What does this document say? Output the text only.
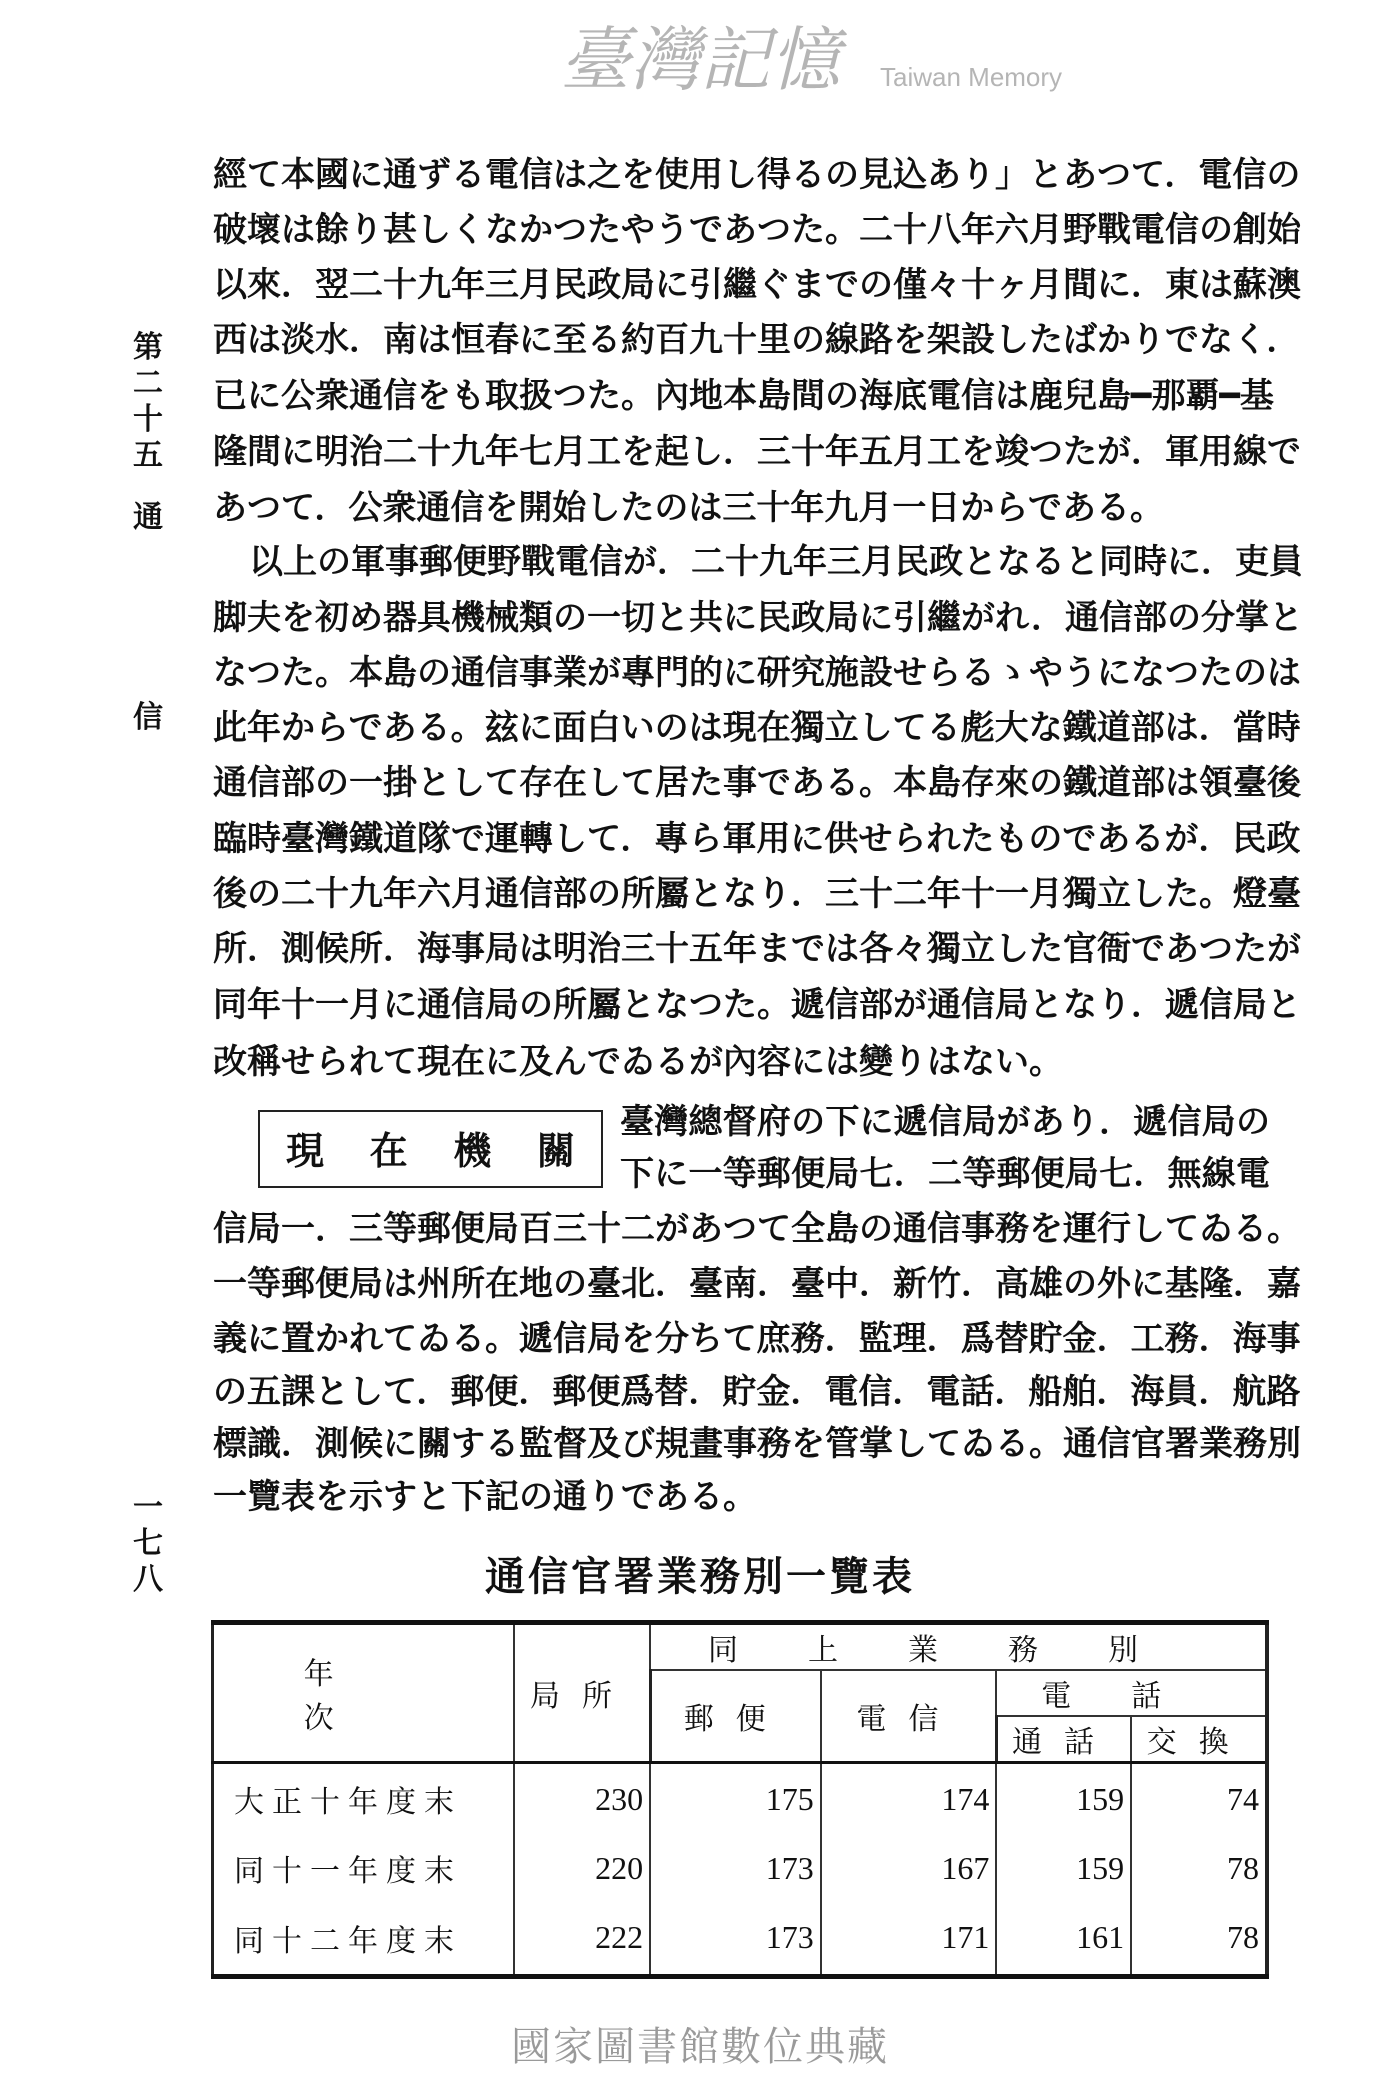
第二十五
通
信
一七八
經て本國に通ずる電信は之を使用し得るの見込あり」とあつて．電信の
破壞は餘り甚しくなかつたやうであつた。二十八年六月野戰電信の創始
以來．翌二十九年三月民政局に引繼ぐまでの僅々十ヶ月間に．東は蘇澳
西は淡水．南は恒春に至る約百九十里の線路を架設したばかりでなく．
已に公衆通信をも取扱つた。內地本島間の海底電信は鹿兒島━那覇━基
隆間に明治二十九年七月工を起し．三十年五月工を竣つたが．軍用線で
あつて．公衆通信を開始したのは三十年九月一日からである。
以上の軍事郵便野戰電信が．二十九年三月民政となると同時に．吏員
脚夫を初め器具機械類の一切と共に民政局に引繼がれ．通信部の分掌と
なつた。本島の通信事業が專門的に研究施設せらるゝやうになつたのは
此年からである。玆に面白いのは現在獨立してる彪大な鐵道部は．當時
通信部の一掛として存在して居た事である。本島存來の鐵道部は領臺後
臨時臺灣鐵道隊で運轉して．專ら軍用に供せられたものであるが．民政
後の二十九年六月通信部の所屬となり．三十二年十一月獨立した。燈臺
所．測候所．海事局は明治三十五年までは各々獨立した官衙であつたが
同年十一月に通信局の所屬となつた。遞信部が通信局となり．遞信局と
改稱せられて現在に及んでゐるが內容には變りはない。
現在機關
臺灣總督府の下に遞信局があり．遞信局の
下に一等郵便局七．二等郵便局七．無線電
信局一．三等郵便局百三十二があつて全島の通信事務を運行してゐる。
一等郵便局は州所在地の臺北．臺南．臺中．新竹．高雄の外に基隆．嘉
義に置かれてゐる。遞信局を分ちて庶務．監理．爲替貯金．工務．海事
の五課として．郵便．郵便爲替．貯金．電信．電話．船舶．海員．航路
標識．測候に關する監督及び規畫事務を管掌してゐる。通信官署業務別
一覽表を示すと下記の通りである。
臺灣記憶 Taiwan Memory
通信官署業務別一覽表
年　次	局所	同上業務別			
		郵便	電信	電話	
				通話	交換
大正十年度末	230	175	174	159	74
同十一年度末	220	173	167	159	78
同十二年度末	222	173	171	161	78
國家圖書館數位典藏
